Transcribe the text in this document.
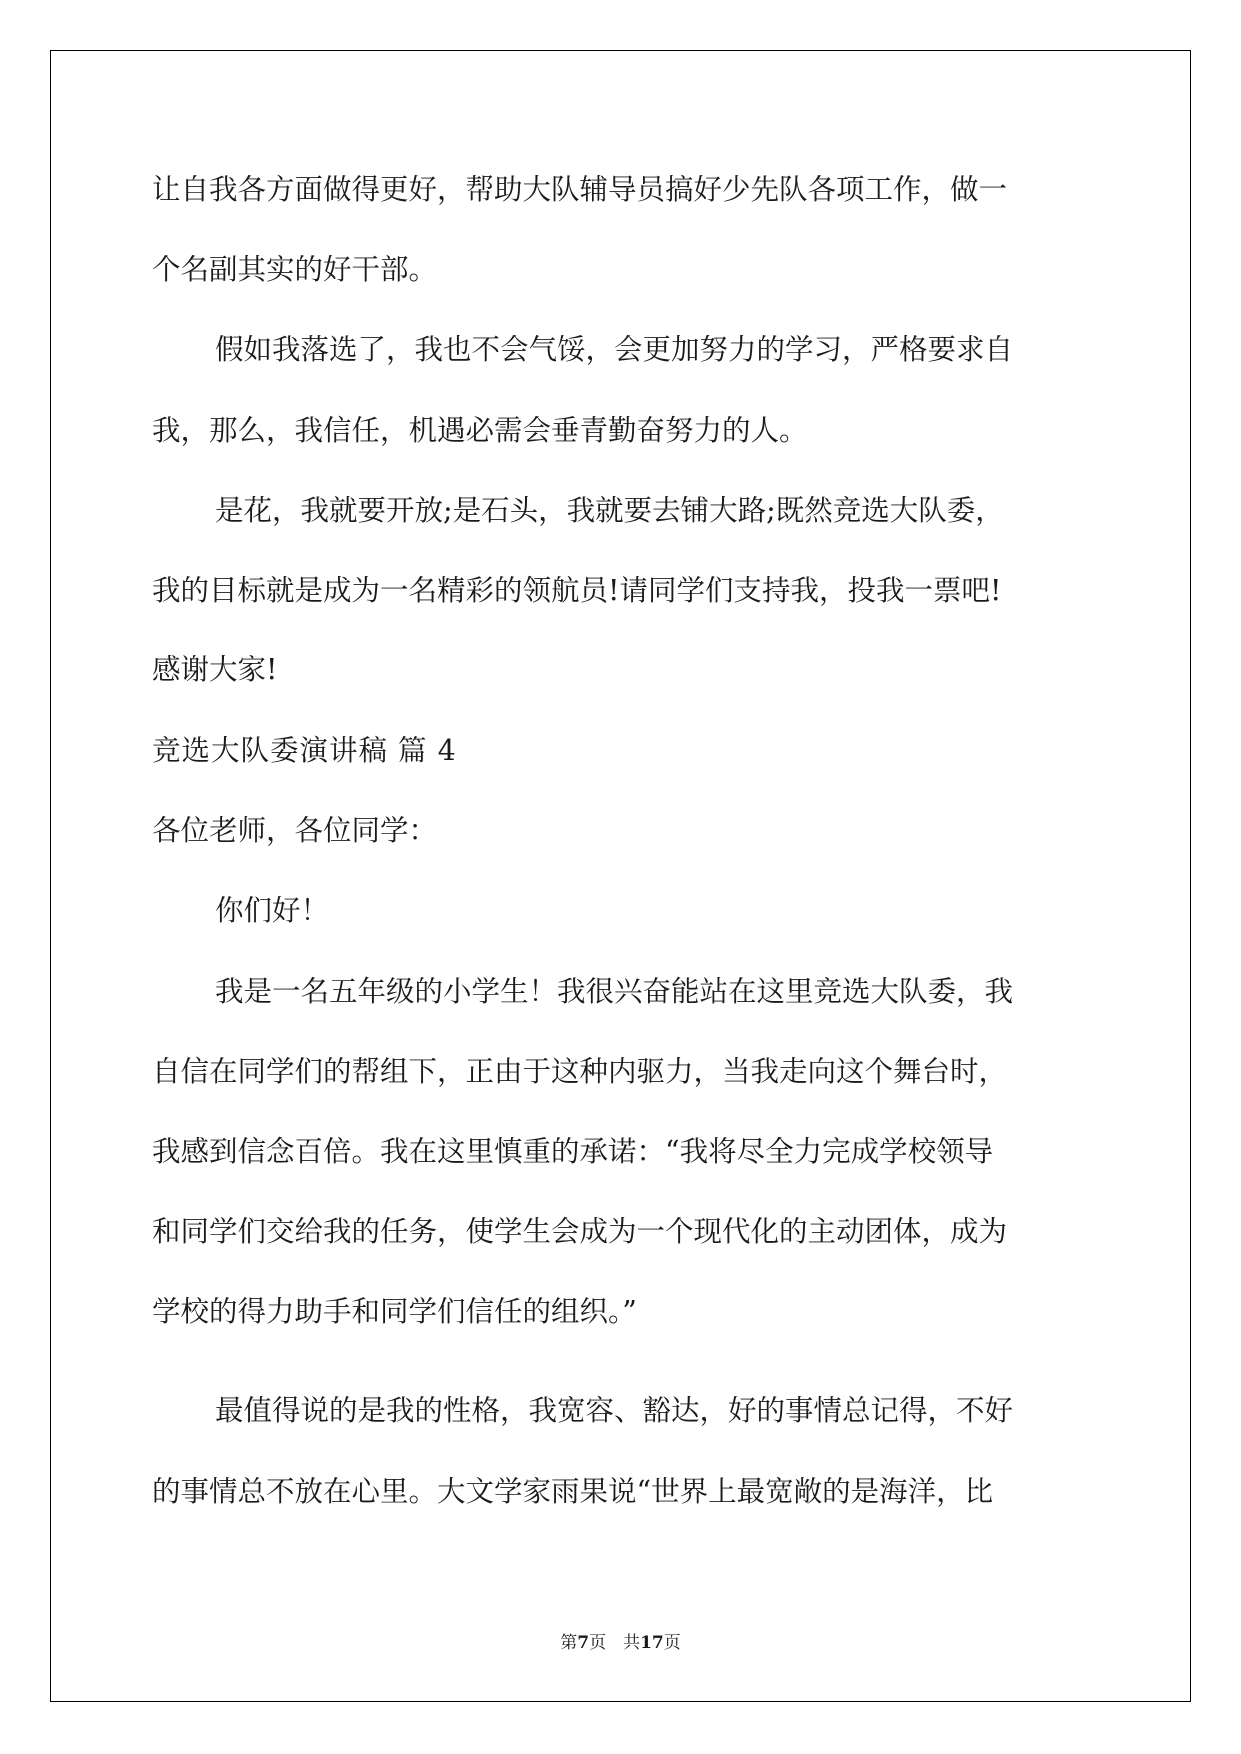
让自我各方面做得更好，帮助大队辅导员搞好少先队各项工作，做一

个名副其实的好干部。

假如我落选了，我也不会气馁，会更加努力的学习，严格要求自

我，那么，我信任，机遇必需会垂青勤奋努力的人。

是花，我就要开放;是石头，我就要去铺大路;既然竞选大队委，

我的目标就是成为一名精彩的领航员!请同学们支持我，投我一票吧!

感谢大家!

竞选大队委演讲稿 篇 4

各位老师，各位同学：

你们好！

我是一名五年级的小学生！我很兴奋能站在这里竞选大队委，我

自信在同学们的帮组下，正由于这种内驱力，当我走向这个舞台时，

我感到信念百倍。我在这里慎重的承诺：“我将尽全力完成学校领导

和同学们交给我的任务，使学生会成为一个现代化的主动团体，成为

学校的得力助手和同学们信任的组织。”

最值得说的是我的性格，我宽容、豁达，好的事情总记得，不好

的事情总不放在心里。大文学家雨果说“世界上最宽敞的是海洋，比

第7页　共17页
